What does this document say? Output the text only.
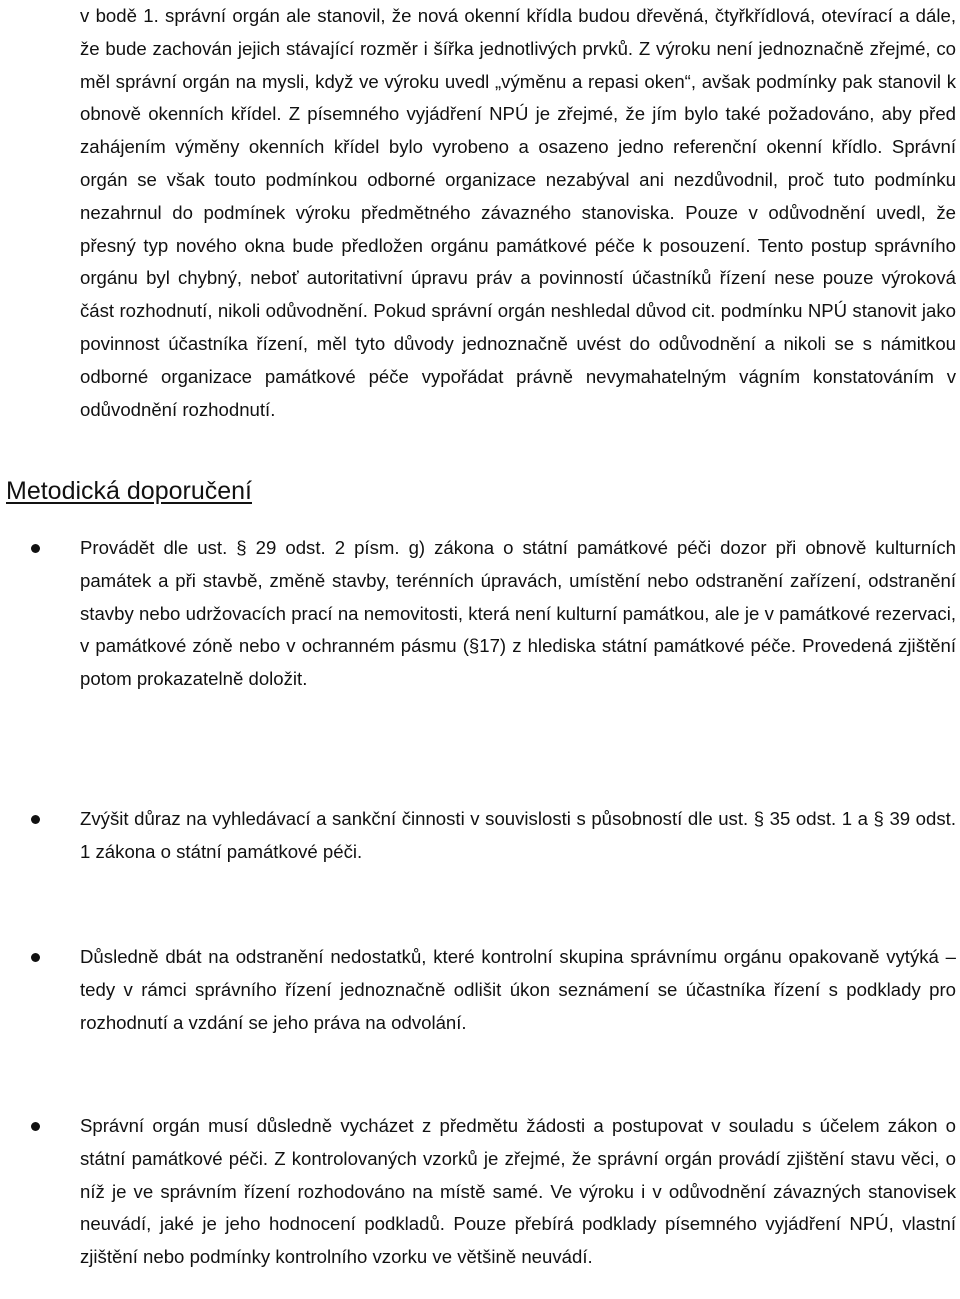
v bodě 1. správní orgán ale stanovil, že nová okenní křídla budou dřevěná, čtyřkřídlová, otevírací a dále, že bude zachován jejich stávající rozměr i šířka jednotlivých prvků. Z výroku není jednoznačně zřejmé, co měl správní orgán na mysli, když ve výroku uvedl „výměnu a repasi oken“, avšak podmínky pak stanovil k obnově okenních křídel. Z písemného vyjádření NPÚ je zřejmé, že jím bylo také požadováno, aby před zahájením výměny okenních křídel bylo vyrobeno a osazeno jedno referenční okenní křídlo. Správní orgán se však touto podmínkou odborné organizace nezabýval ani nezdůvodnil, proč tuto podmínku nezahrnul do podmínek výroku předmětného závazného stanoviska. Pouze v odůvodnění uvedl, že přesný typ nového okna bude předložen orgánu památkové péče k posouzení. Tento postup správního orgánu byl chybný, neboť autoritativní úpravu práv a povinností účastníků řízení nese pouze výroková část rozhodnutí, nikoli odůvodnění. Pokud správní orgán neshledal důvod cit. podmínku NPÚ stanovit jako povinnost účastníka řízení, měl tyto důvody jednoznačně uvést do odůvodnění a nikoli se s námitkou odborné organizace památkové péče vypořádat právně nevymahatelným vágním konstatováním v odůvodnění rozhodnutí.

Metodická doporučení

Provádět dle ust. § 29 odst. 2 písm. g) zákona o státní památkové péči dozor při obnově kulturních památek a při stavbě, změně stavby, terénních úpravách, umístění nebo odstranění zařízení, odstranění stavby nebo udržovacích prací na nemovitosti, která není kulturní památkou, ale je v památkové rezervaci, v památkové zóně nebo v ochranném pásmu (§17) z hlediska státní památkové péče. Provedená zjištění potom prokazatelně doložit.

Zvýšit důraz na vyhledávací a sankční činnosti v souvislosti s působností dle ust. § 35 odst. 1 a § 39 odst. 1 zákona o státní památkové péči.

Důsledně dbát na odstranění nedostatků, které kontrolní skupina správnímu orgánu opakovaně vytýká – tedy v rámci správního řízení jednoznačně odlišit úkon seznámení se účastníka řízení s podklady pro rozhodnutí a vzdání se jeho práva na odvolání.

Správní orgán musí důsledně vycházet z předmětu žádosti a postupovat v souladu s účelem zákon o státní památkové péči. Z kontrolovaných vzorků je zřejmé, že správní orgán provádí zjištění stavu věci, o níž je ve správním řízení rozhodováno na místě samé. Ve výroku i v odůvodnění závazných stanovisek neuvádí, jaké je jeho hodnocení podkladů. Pouze přebírá podklady písemného vyjádření NPÚ, vlastní zjištění nebo podmínky kontrolního vzorku ve většině neuvádí.
